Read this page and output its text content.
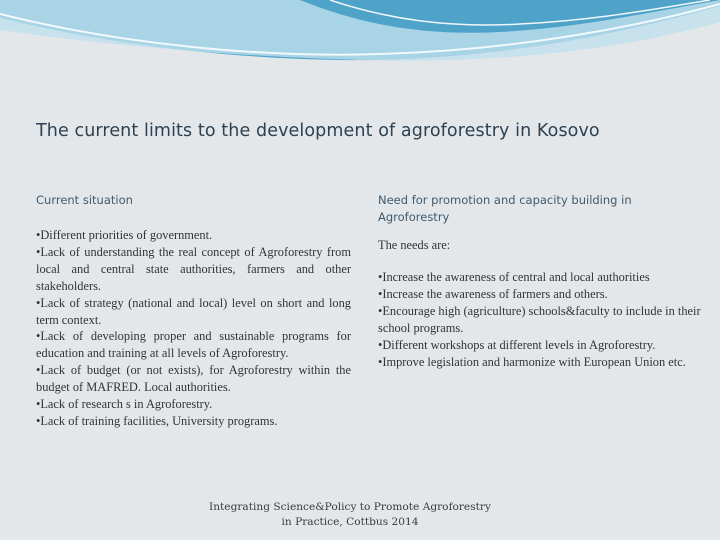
The current limits to the development of agroforestry in Kosovo

Current situation

•Different priorities of government.
•Lack of understanding the real concept of Agroforestry from local and central state authorities, farmers and other stakeholders.
•Lack of strategy (national and local) level on short and long term context.
•Lack of developing proper and sustainable programs for education and training at all levels of Agroforestry.
•Lack of budget (or not exists), for Agroforestry within the budget of MAFRED. Local authorities.
•Lack of research s in Agroforestry.
•Lack of training facilities, University programs.

Need for promotion and capacity building in Agroforestry

The needs are:
•Increase the awareness of central and local authorities
•Increase the awareness of farmers and others.
•Encourage high (agriculture) schools&faculty to include in their school programs.
•Different workshops at different levels in Agroforestry.
•Improve legislation and harmonize with European Union etc.
Integrating Science&Policy to Promote Agroforestry
in Practice, Cottbus 2014
